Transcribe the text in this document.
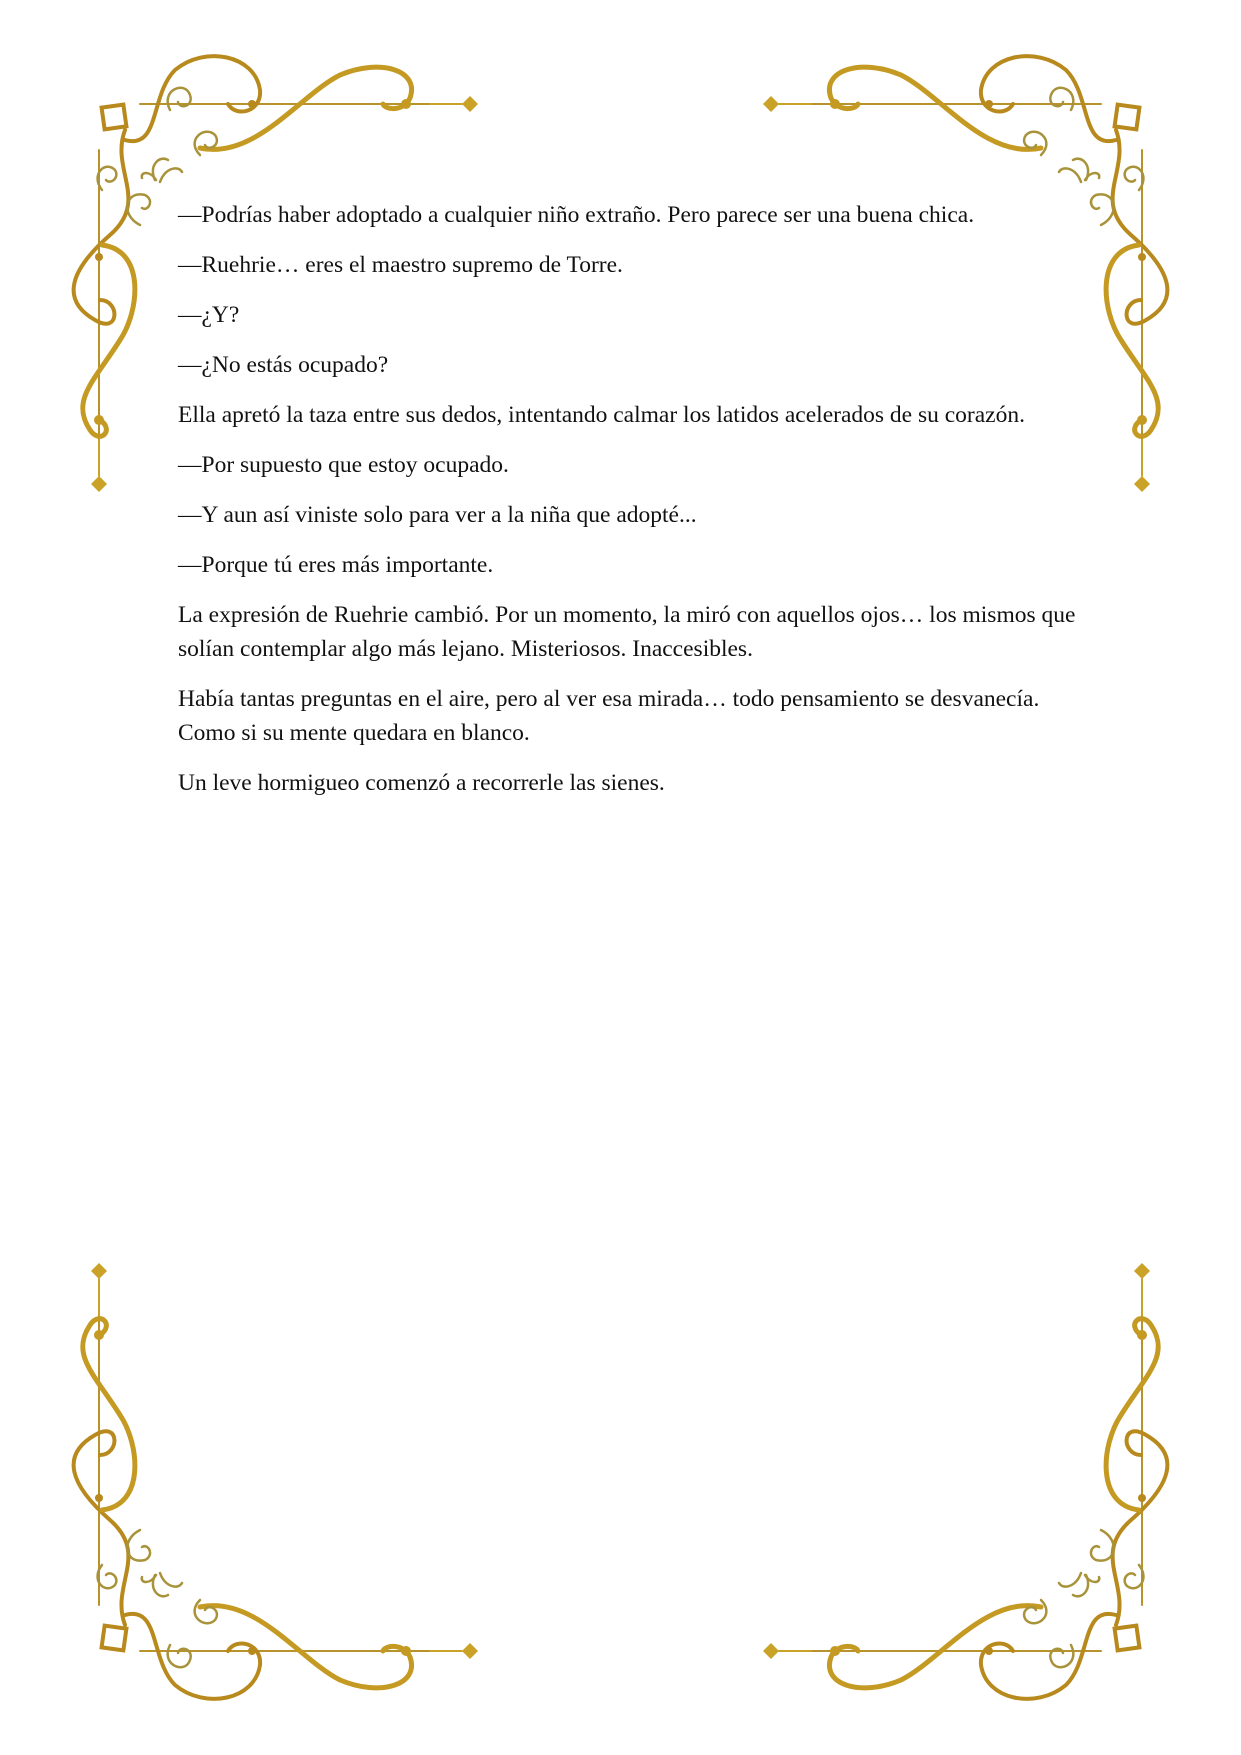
—Podrías haber adoptado a cualquier niño extraño. Pero parece ser una buena chica.

—Ruehrie… eres el maestro supremo de Torre.

—¿Y?

—¿No estás ocupado?

Ella apretó la taza entre sus dedos, intentando calmar los latidos acelerados de su corazón.

—Por supuesto que estoy ocupado.

—Y aun así viniste solo para ver a la niña que adopté...

—Porque tú eres más importante.

La expresión de Ruehrie cambió. Por un momento, la miró con aquellos ojos… los mismos que solían contemplar algo más lejano. Misteriosos. Inaccesibles.

Había tantas preguntas en el aire, pero al ver esa mirada… todo pensamiento se desvanecía. Como si su mente quedara en blanco.

Un leve hormigueo comenzó a recorrerle las sienes.
